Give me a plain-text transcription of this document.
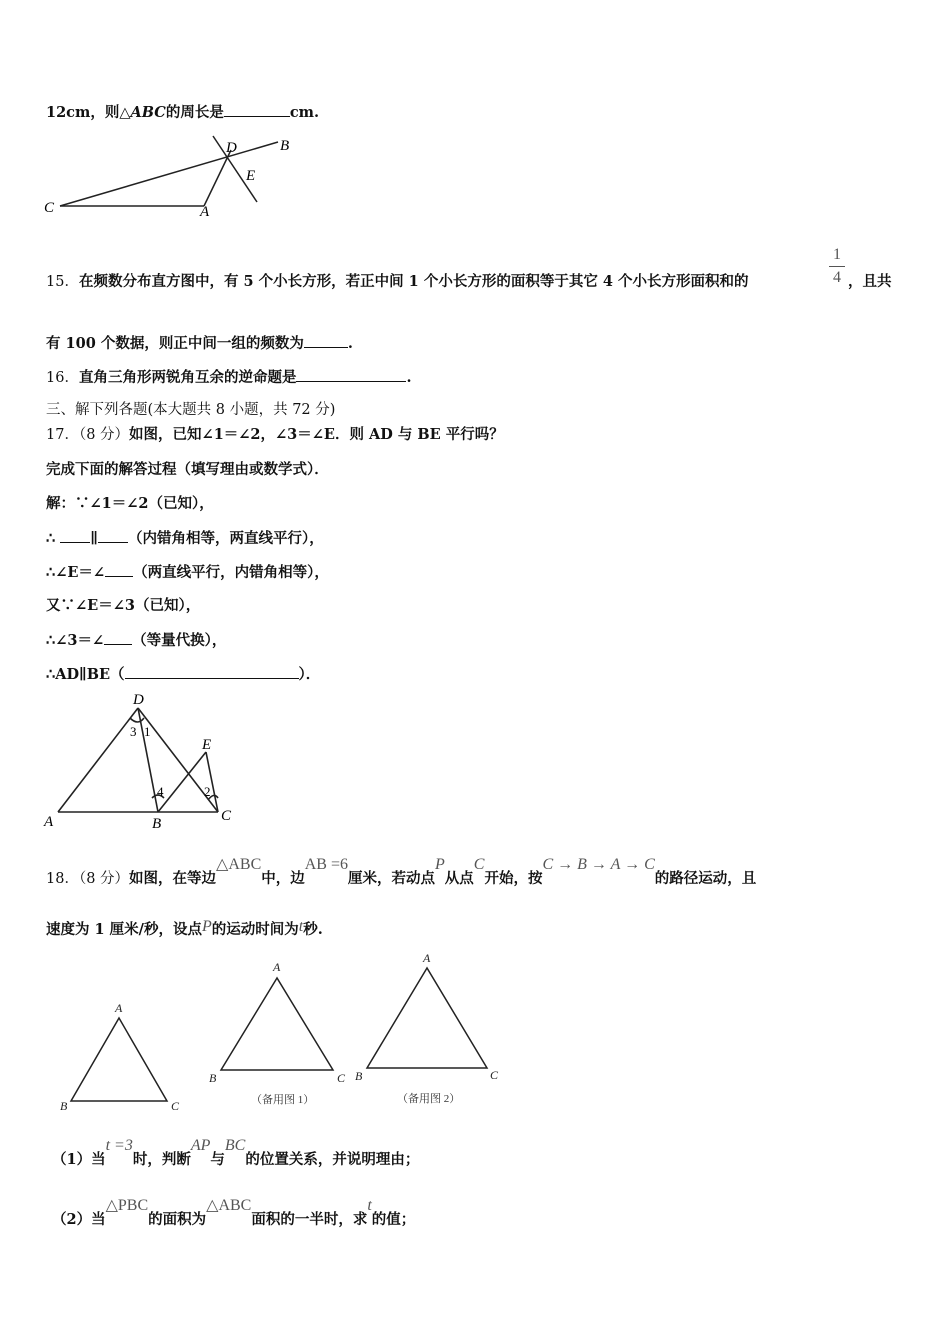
12cm，则△ABC的周长是	cm.
C	A
D	B
E
15．在频数分布直方图中，有 5 个小长方形，若正中间 1 个小长方形的面积等于其它 4 个小长方形面积和的
1
4 ，且共
有 100 个数据，则正中间一组的频数为	.
16．直角三角形两锐角互余的逆命题是	.
三、解下列各题(本大题共 8 小题，共 72 分)
17．（8 分）如图，已知∠1＝∠2，∠3＝∠E．则 AD 与 BE 平行吗？
完成下面的解答过程（填写理由或数学式）．
解：∵∠1＝∠2（已知），
∴ ∥ （内错角相等，两直线平行），
∴∠E＝∠ （两直线平行，内错角相等），
又∵∠E＝∠3（已知），
∴∠3＝∠ （等量代换），
∴AD∥BE（	）．
D
A	B	C
E
1
2
3
4
18．（8 分）如图，在等边△ABC中，边AB =6厘米，若动点P从点C开始，按C → B → A → C的路径运动，且
速度为 1 厘米/秒，设点P的运动时间为t秒.
A
B	C
A
B	C
A
B	C
（备用图 1）	（备用图 2）
（1）当t =3时，判断AP与BC的位置关系，并说明理由；
（2）当△PBC的面积为△ABC面积的一半时，求t的值；
